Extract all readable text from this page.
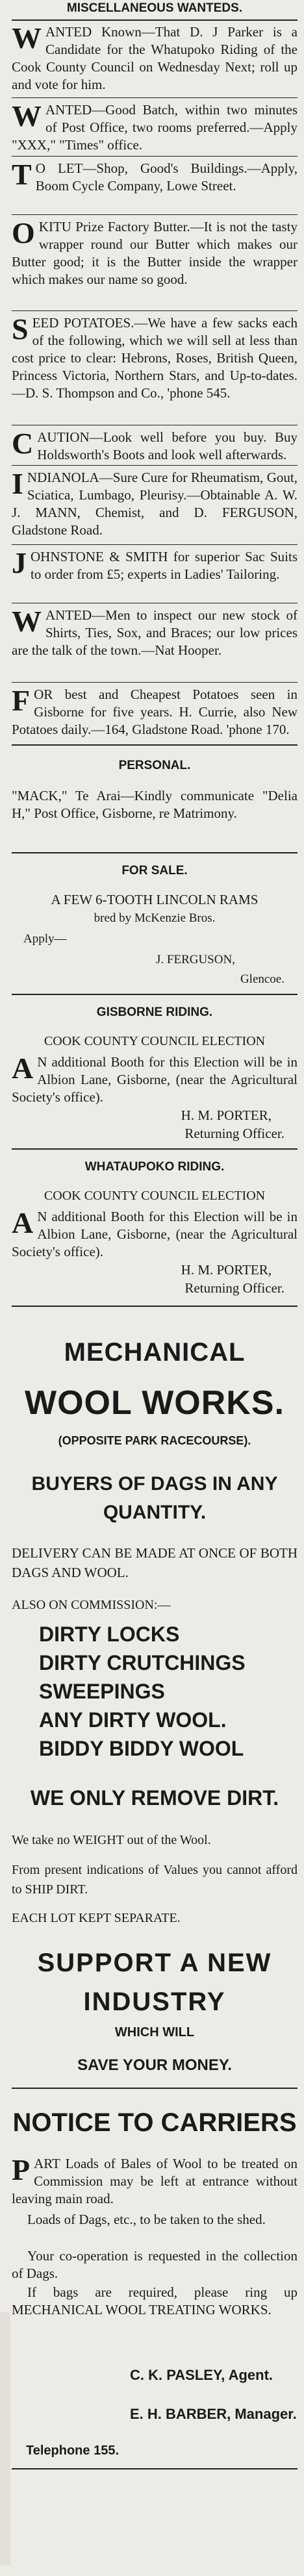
MISCELLANEOUS WANTEDS.
WANTED Known—That D. J Parker is a Candidate for the Whatupoko Riding of the Cook County Council on Wednesday Next; roll up and vote for him.
WANTED—Good Batch, within two minutes of Post Office, two rooms preferred.—Apply "XXX," "Times" office.
T O LET—Shop, Good's Buildings.—Apply, Boom Cycle Company, Lowe Street.
OKITU Prize Factory Butter.—It is not the tasty wrapper round our Butter which makes our Butter good; it is the Butter inside the wrapper which makes our name so good.
SEED POTATOES.—We have a few sacks each of the following, which we will sell at less than cost price to clear: Hebrons, Roses, British Queen, Princess Victoria, Northern Stars, and Up-to-dates.—D. S. Thompson and Co., 'phone 545.
CAUTION—Look well before you buy. Buy Holdsworth's Boots and look well afterwards.
INDIANOLA—Sure Cure for Rheumatism, Gout, Sciatica, Lumbago, Pleurisy.—Obtainable A. W. J. MANN, Chemist, and D. FERGUSON, Gladstone Road.
JOHNSTONE & SMITH for superior Sac Suits to order from £5; experts in Ladies' Tailoring.
WANTED—Men to inspect our new stock of Shirts, Ties, Sox, and Braces; our low prices are the talk of the town.—Nat Hooper.
FOR best and Cheapest Potatoes seen in Gisborne for five years. H. Currie, also New Potatoes daily.—164, Gladstone Road. 'phone 170.
PERSONAL.
"MACK," Te Arai—Kindly communicate "Delia H," Post Office, Gisborne, re Matrimony.
FOR SALE.
A FEW 6-TOOTH LINCOLN RAMS
bred by McKenzie Bros.
Apply—
J. FERGUSON,
Glencoe.
GISBORNE RIDING.
COOK COUNTY COUNCIL ELECTION
A N additional Booth for this Election will be in Albion Lane, Gisborne, (near the Agricultural Society's office).
H. M. PORTER,
Returning Officer.
WHATAUPOKO RIDING.
COOK COUNTY COUNCIL ELECTION
A N additional Booth for this Election will be in Albion Lane, Gisborne, (near the Agricultural Society's office).
H. M. PORTER,
Returning Officer.
MECHANICAL
WOOL WORKS.
(OPPOSITE PARK RACECOURSE).
BUYERS OF DAGS IN ANY
QUANTITY.
DELIVERY CAN BE MADE AT ONCE OF BOTH DAGS AND WOOL.
ALSO ON COMMISSION:—
DIRTY LOCKS
DIRTY CRUTCHINGS
SWEEPINGS
ANY DIRTY WOOL.
BIDDY BIDDY WOOL
WE ONLY REMOVE DIRT.
We take no WEIGHT out of the Wool.
From present indications of Values you cannot afford to SHIP DIRT.
EACH LOT KEPT SEPARATE.
SUPPORT A NEW
INDUSTRY
WHICH WILL
SAVE YOUR MONEY.
NOTICE TO CARRIERS
PART Loads of Bales of Wool to be treated on Commission may be left at entrance without leaving main road.
Loads of Dags, etc., to be taken to the shed.
Your co-operation is requested in the collection of Dags.
If bags are required, please ring up MECHANICAL WOOL TREATING WORKS.
C. K. PASLEY, Agent.
E. H. BARBER, Manager.
Telephone 155.
